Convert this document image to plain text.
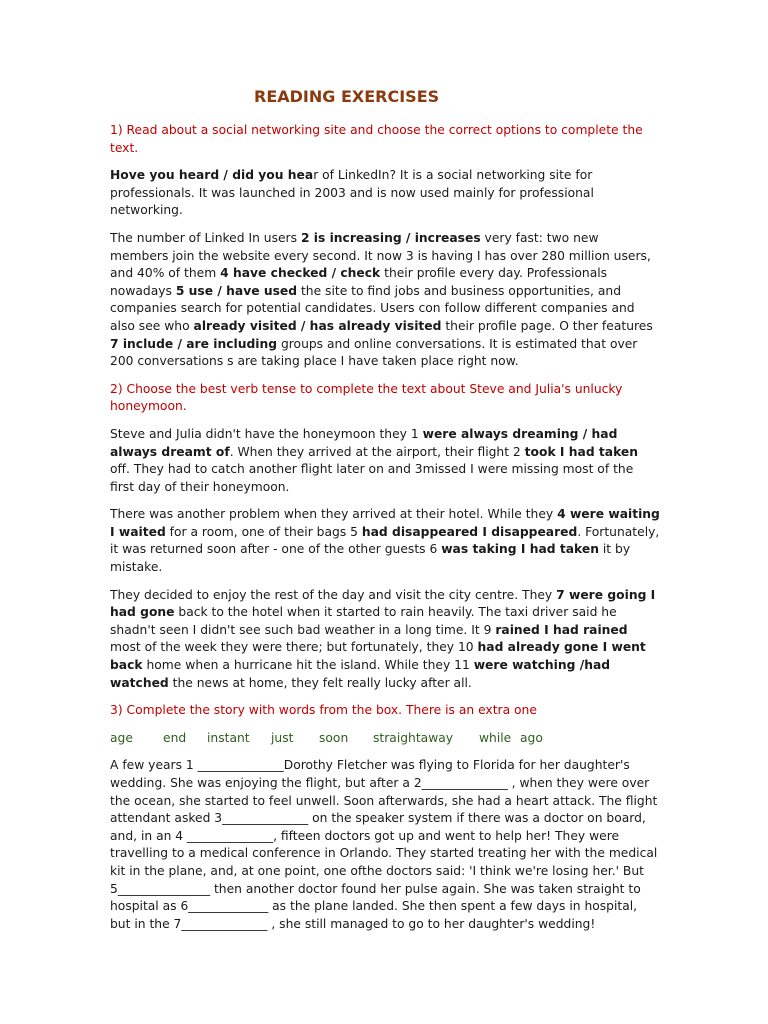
READING EXERCISES

1) Read about a social networking site and choose the correct options to complete the text.

Hove you heard / did you hear of LinkedIn? It is a social networking site for professionals. It was launched in 2003 and is now used mainly for professional networking.

The number of Linked In users 2 is increasing / increases very fast: two new members join the website every second. It now 3 is having I has over 280 million users, and 40% of them 4 have checked / check their profile every day. Professionals nowadays 5 use / have used the site to find jobs and business opportunities, and companies search for potential candidates. Users con follow different companies and also see who already visited / has already visited their profile page. O ther features 7 include / are including groups and online conversations. It is estimated that over 200 conversations s are taking place I have taken place right now.

2) Choose the best verb tense to complete the text about Steve and Julia's unlucky honeymoon.

Steve and Julia didn't have the honeymoon they 1 were always dreaming / had always dreamt of. When they arrived at the airport, their flight 2 took I had taken off. They had to catch another flight later on and 3missed I were missing most of the first day of their honeymoon.

There was another problem when they arrived at their hotel. While they 4 were waiting I waited for a room, one of their bags 5 had disappeared I disappeared. Fortunately, it was returned soon after - one of the other guests 6 was taking I had taken it by mistake.

They decided to enjoy the rest of the day and visit the city centre. They 7 were going I had gone back to the hotel when it started to rain heavily. The taxi driver said he shadn't seen I didn't see such bad weather in a long time. It 9 rained I had rained most of the week they were there; but fortunately, they 10 had already gone I went back home when a hurricane hit the island. While they 11 were watching /had watched the news at home, they felt really lucky after all.

3) Complete the story with words from the box. There is an extra one

age end instant just soon straightaway while ago

A few years 1 ______________Dorothy Fletcher was flying to Florida for her daughter's wedding. She was enjoying the flight, but after a 2______________ , when they were over the ocean, she started to feel unwell. Soon afterwards, she had a heart attack. The flight attendant asked 3______________ on the speaker system if there was a doctor on board, and, in an 4 ______________, fifteen doctors got up and went to help her! They were travelling to a medical conference in Orlando. They started treating her with the medical kit in the plane, and, at one point, one ofthe doctors said: 'I think we're losing her.' But 5_______________ then another doctor found her pulse again. She was taken straight to hospital as 6_____________ as the plane landed. She then spent a few days in hospital, but in the 7______________ , she still managed to go to her daughter's wedding!
